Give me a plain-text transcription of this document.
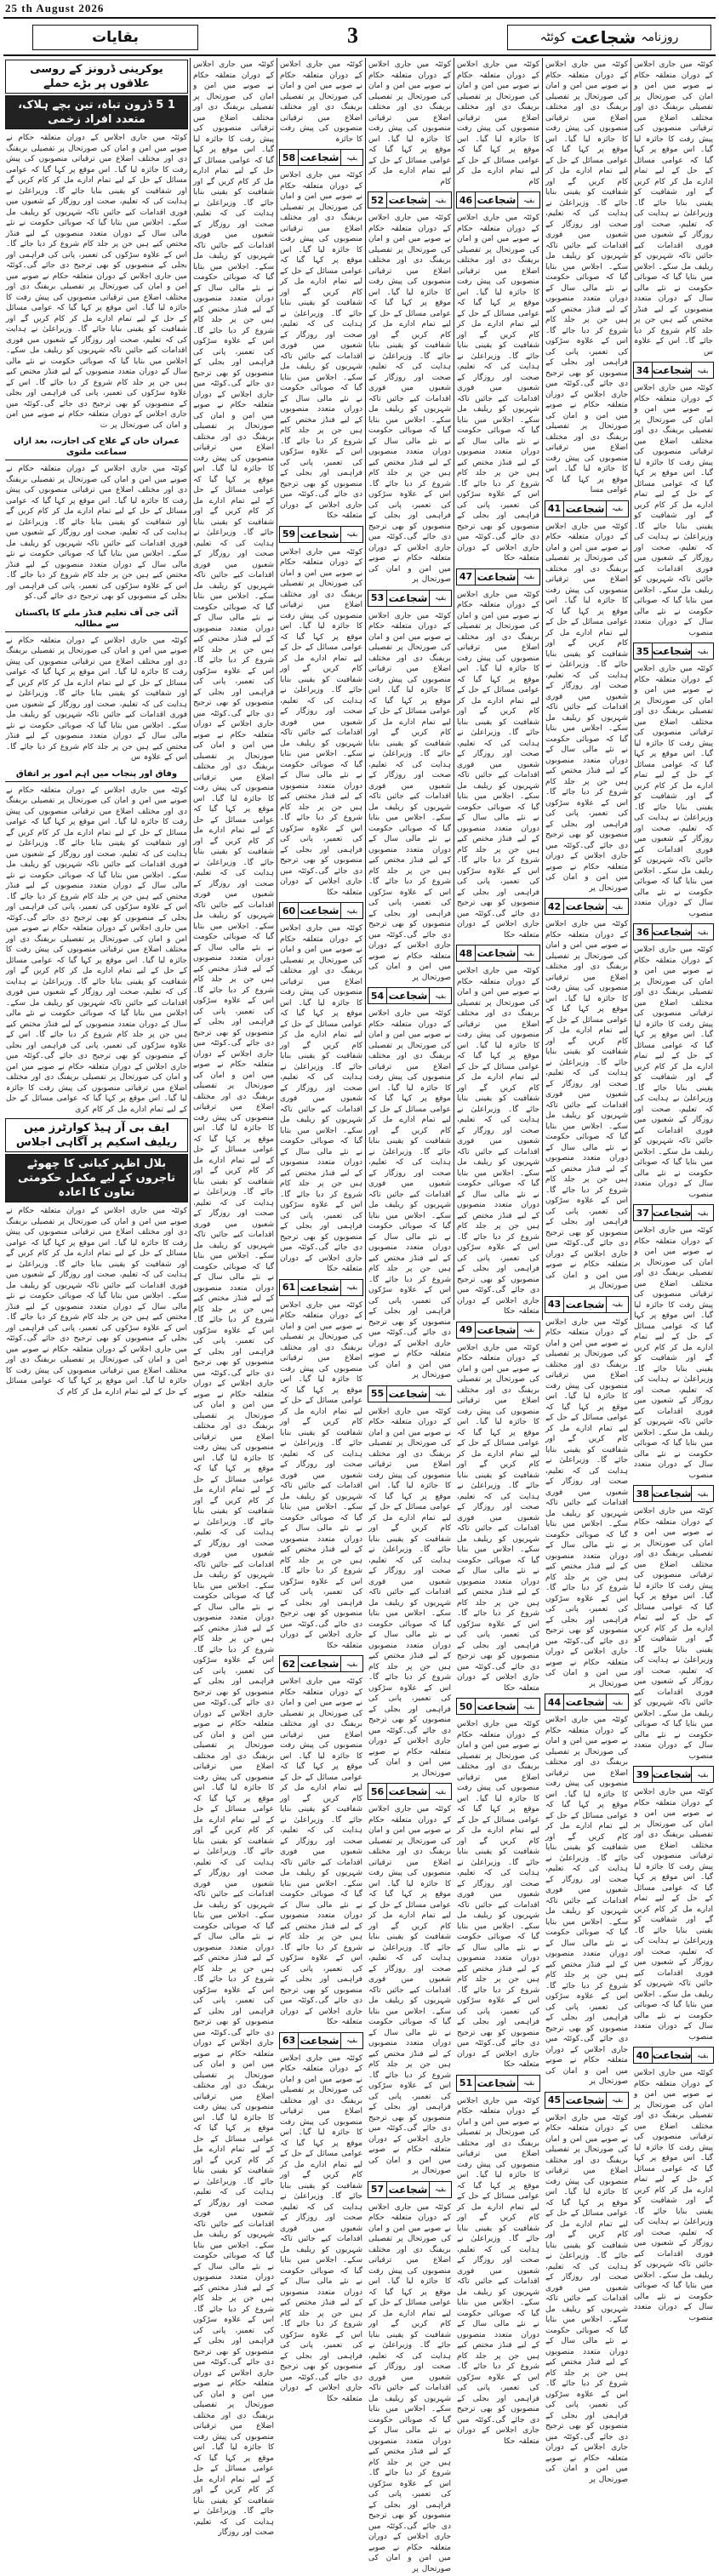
25 th August 2026
بقایات	3	روزنامہ
شجاعت
کوئٹہ
کوئٹہ میں جاری اجلاس کے دوران متعلقہ حکام نے صوبے میں امن و امان کی صورتحال پر تفصیلی بریفنگ دی اور مختلف اضلاع میں ترقیاتی منصوبوں کی پیش رفت کا جائزہ لیا گیا۔ اس موقع پر کہا گیا کہ عوامی مسائل کے حل کے لیے تمام ادارے مل کر کام کریں گے اور شفافیت کو یقینی بنایا جائے گا۔ وزیراعلیٰ نے ہدایت کی کہ تعلیم، صحت اور روزگار کے شعبوں میں فوری اقدامات کیے جائیں تاکہ شہریوں کو ریلیف مل سکے۔ اجلاس میں بتایا گیا کہ صوبائی حکومت نے نئے مالی سال کے دوران متعدد منصوبوں کے لیے فنڈز مختص کیے ہیں جن پر جلد کام شروع کر دیا جائے گا۔ اس کے علاوہ س
34 شجاعت بقیہ
کوئٹہ میں جاری اجلاس کے دوران متعلقہ حکام نے صوبے میں امن و امان کی صورتحال پر تفصیلی بریفنگ دی اور مختلف اضلاع میں ترقیاتی منصوبوں کی پیش رفت کا جائزہ لیا گیا۔ اس موقع پر کہا گیا کہ عوامی مسائل کے حل کے لیے تمام ادارے مل کر کام کریں گے اور شفافیت کو یقینی بنایا جائے گا۔ وزیراعلیٰ نے ہدایت کی کہ تعلیم، صحت اور روزگار کے شعبوں میں فوری اقدامات کیے جائیں تاکہ شہریوں کو ریلیف مل سکے۔ اجلاس میں بتایا گیا کہ صوبائی حکومت نے نئے مالی سال کے دوران متعدد منصوب
35 شجاعت بقیہ
کوئٹہ میں جاری اجلاس کے دوران متعلقہ حکام نے صوبے میں امن و امان کی صورتحال پر تفصیلی بریفنگ دی اور مختلف اضلاع میں ترقیاتی منصوبوں کی پیش رفت کا جائزہ لیا گیا۔ اس موقع پر کہا گیا کہ عوامی مسائل کے حل کے لیے تمام ادارے مل کر کام کریں گے اور شفافیت کو یقینی بنایا جائے گا۔ وزیراعلیٰ نے ہدایت کی کہ تعلیم، صحت اور روزگار کے شعبوں میں فوری اقدامات کیے جائیں تاکہ شہریوں کو ریلیف مل سکے۔ اجلاس میں بتایا گیا کہ صوبائی حکومت نے نئے مالی سال کے دوران متعدد منصوب
36 شجاعت بقیہ
کوئٹہ میں جاری اجلاس کے دوران متعلقہ حکام نے صوبے میں امن و امان کی صورتحال پر تفصیلی بریفنگ دی اور مختلف اضلاع میں ترقیاتی منصوبوں کی پیش رفت کا جائزہ لیا گیا۔ اس موقع پر کہا گیا کہ عوامی مسائل کے حل کے لیے تمام ادارے مل کر کام کریں گے اور شفافیت کو یقینی بنایا جائے گا۔ وزیراعلیٰ نے ہدایت کی کہ تعلیم، صحت اور روزگار کے شعبوں میں فوری اقدامات کیے جائیں تاکہ شہریوں کو ریلیف مل سکے۔ اجلاس میں بتایا گیا کہ صوبائی حکومت نے نئے مالی سال کے دوران متعدد منصوب
37 شجاعت بقیہ
کوئٹہ میں جاری اجلاس کے دوران متعلقہ حکام نے صوبے میں امن و امان کی صورتحال پر تفصیلی بریفنگ دی اور مختلف اضلاع میں ترقیاتی منصوبوں کی پیش رفت کا جائزہ لیا گیا۔ اس موقع پر کہا گیا کہ عوامی مسائل کے حل کے لیے تمام ادارے مل کر کام کریں گے اور شفافیت کو یقینی بنایا جائے گا۔ وزیراعلیٰ نے ہدایت کی کہ تعلیم، صحت اور روزگار کے شعبوں میں فوری اقدامات کیے جائیں تاکہ شہریوں کو ریلیف مل سکے۔ اجلاس میں بتایا گیا کہ صوبائی حکومت نے نئے مالی سال کے دوران متعدد منصوب
38 شجاعت بقیہ
کوئٹہ میں جاری اجلاس کے دوران متعلقہ حکام نے صوبے میں امن و امان کی صورتحال پر تفصیلی بریفنگ دی اور مختلف اضلاع میں ترقیاتی منصوبوں کی پیش رفت کا جائزہ لیا گیا۔ اس موقع پر کہا گیا کہ عوامی مسائل کے حل کے لیے تمام ادارے مل کر کام کریں گے اور شفافیت کو یقینی بنایا جائے گا۔ وزیراعلیٰ نے ہدایت کی کہ تعلیم، صحت اور روزگار کے شعبوں میں فوری اقدامات کیے جائیں تاکہ شہریوں کو ریلیف مل سکے۔ اجلاس میں بتایا گیا کہ صوبائی حکومت نے نئے مالی سال کے دوران متعدد منصوب
39 شجاعت بقیہ
کوئٹہ میں جاری اجلاس کے دوران متعلقہ حکام نے صوبے میں امن و امان کی صورتحال پر تفصیلی بریفنگ دی اور مختلف اضلاع میں ترقیاتی منصوبوں کی پیش رفت کا جائزہ لیا گیا۔ اس موقع پر کہا گیا کہ عوامی مسائل کے حل کے لیے تمام ادارے مل کر کام کریں گے اور شفافیت کو یقینی بنایا جائے گا۔ وزیراعلیٰ نے ہدایت کی کہ تعلیم، صحت اور روزگار کے شعبوں میں فوری اقدامات کیے جائیں تاکہ شہریوں کو ریلیف مل سکے۔ اجلاس میں بتایا گیا کہ صوبائی حکومت نے نئے مالی سال کے دوران متعدد منصوب
40 شجاعت بقیہ
کوئٹہ میں جاری اجلاس کے دوران متعلقہ حکام نے صوبے میں امن و امان کی صورتحال پر تفصیلی بریفنگ دی اور مختلف اضلاع میں ترقیاتی منصوبوں کی پیش رفت کا جائزہ لیا گیا۔ اس موقع پر کہا گیا کہ عوامی مسائل کے حل کے لیے تمام ادارے مل کر کام کریں گے اور شفافیت کو یقینی بنایا جائے گا۔ وزیراعلیٰ نے ہدایت کی کہ تعلیم، صحت اور روزگار کے شعبوں میں فوری اقدامات کیے جائیں تاکہ شہریوں کو ریلیف مل سکے۔ اجلاس میں بتایا گیا کہ صوبائی حکومت نے نئے مالی سال کے دوران متعدد منصوب
کوئٹہ میں جاری اجلاس کے دوران متعلقہ حکام نے صوبے میں امن و امان کی صورتحال پر تفصیلی بریفنگ دی اور مختلف اضلاع میں ترقیاتی منصوبوں کی پیش رفت کا جائزہ لیا گیا۔ اس موقع پر کہا گیا کہ عوامی مسائل کے حل کے لیے تمام ادارے مل کر کام کریں گے اور شفافیت کو یقینی بنایا جائے گا۔ وزیراعلیٰ نے ہدایت کی کہ تعلیم، صحت اور روزگار کے شعبوں میں فوری اقدامات کیے جائیں تاکہ شہریوں کو ریلیف مل سکے۔ اجلاس میں بتایا گیا کہ صوبائی حکومت نے نئے مالی سال کے دوران متعدد منصوبوں کے لیے فنڈز مختص کیے ہیں جن پر جلد کام شروع کر دیا جائے گا۔ اس کے علاوہ سڑکوں کی تعمیر، پانی کی فراہمی اور بجلی کے منصوبوں کو بھی ترجیح دی جائے گی۔کوئٹہ میں جاری اجلاس کے دوران متعلقہ حکام نے صوبے میں امن و امان کی صورتحال پر تفصیلی بریفنگ دی اور مختلف اضلاع میں ترقیاتی منصوبوں کی پیش رفت کا جائزہ لیا گیا۔ اس موقع پر کہا گیا کہ عوامی مسا
41 شجاعت	بقیہ
کوئٹہ میں جاری اجلاس کے دوران متعلقہ حکام نے صوبے میں امن و امان کی صورتحال پر تفصیلی بریفنگ دی اور مختلف اضلاع میں ترقیاتی منصوبوں کی پیش رفت کا جائزہ لیا گیا۔ اس موقع پر کہا گیا کہ عوامی مسائل کے حل کے لیے تمام ادارے مل کر کام کریں گے اور شفافیت کو یقینی بنایا جائے گا۔ وزیراعلیٰ نے ہدایت کی کہ تعلیم، صحت اور روزگار کے شعبوں میں فوری اقدامات کیے جائیں تاکہ شہریوں کو ریلیف مل سکے۔ اجلاس میں بتایا گیا کہ صوبائی حکومت نے نئے مالی سال کے دوران متعدد منصوبوں کے لیے فنڈز مختص کیے ہیں جن پر جلد کام شروع کر دیا جائے گا۔ اس کے علاوہ سڑکوں کی تعمیر، پانی کی فراہمی اور بجلی کے منصوبوں کو بھی ترجیح دی جائے گی۔کوئٹہ میں جاری اجلاس کے دوران متعلقہ حکام نے صوبے میں امن و امان کی صورتحال پر
42 شجاعت	بقیہ
کوئٹہ میں جاری اجلاس کے دوران متعلقہ حکام نے صوبے میں امن و امان کی صورتحال پر تفصیلی بریفنگ دی اور مختلف اضلاع میں ترقیاتی منصوبوں کی پیش رفت کا جائزہ لیا گیا۔ اس موقع پر کہا گیا کہ عوامی مسائل کے حل کے لیے تمام ادارے مل کر کام کریں گے اور شفافیت کو یقینی بنایا جائے گا۔ وزیراعلیٰ نے ہدایت کی کہ تعلیم، صحت اور روزگار کے شعبوں میں فوری اقدامات کیے جائیں تاکہ شہریوں کو ریلیف مل سکے۔ اجلاس میں بتایا گیا کہ صوبائی حکومت نے نئے مالی سال کے دوران متعدد منصوبوں کے لیے فنڈز مختص کیے ہیں جن پر جلد کام شروع کر دیا جائے گا۔ اس کے علاوہ سڑکوں کی تعمیر، پانی کی فراہمی اور بجلی کے منصوبوں کو بھی ترجیح دی جائے گی۔کوئٹہ میں جاری اجلاس کے دوران متعلقہ حکام نے صوبے میں امن و امان کی صورتحال پر
43 شجاعت	بقیہ
کوئٹہ میں جاری اجلاس کے دوران متعلقہ حکام نے صوبے میں امن و امان کی صورتحال پر تفصیلی بریفنگ دی اور مختلف اضلاع میں ترقیاتی منصوبوں کی پیش رفت کا جائزہ لیا گیا۔ اس موقع پر کہا گیا کہ عوامی مسائل کے حل کے لیے تمام ادارے مل کر کام کریں گے اور شفافیت کو یقینی بنایا جائے گا۔ وزیراعلیٰ نے ہدایت کی کہ تعلیم، صحت اور روزگار کے شعبوں میں فوری اقدامات کیے جائیں تاکہ شہریوں کو ریلیف مل سکے۔ اجلاس میں بتایا گیا کہ صوبائی حکومت نے نئے مالی سال کے دوران متعدد منصوبوں کے لیے فنڈز مختص کیے ہیں جن پر جلد کام شروع کر دیا جائے گا۔ اس کے علاوہ سڑکوں کی تعمیر، پانی کی فراہمی اور بجلی کے منصوبوں کو بھی ترجیح دی جائے گی۔کوئٹہ میں جاری اجلاس کے دوران متعلقہ حکام نے صوبے میں امن و امان کی صورتحال پر
44 شجاعت	بقیہ
کوئٹہ میں جاری اجلاس کے دوران متعلقہ حکام نے صوبے میں امن و امان کی صورتحال پر تفصیلی بریفنگ دی اور مختلف اضلاع میں ترقیاتی منصوبوں کی پیش رفت کا جائزہ لیا گیا۔ اس موقع پر کہا گیا کہ عوامی مسائل کے حل کے لیے تمام ادارے مل کر کام کریں گے اور شفافیت کو یقینی بنایا جائے گا۔ وزیراعلیٰ نے ہدایت کی کہ تعلیم، صحت اور روزگار کے شعبوں میں فوری اقدامات کیے جائیں تاکہ شہریوں کو ریلیف مل سکے۔ اجلاس میں بتایا گیا کہ صوبائی حکومت نے نئے مالی سال کے دوران متعدد منصوبوں کے لیے فنڈز مختص کیے ہیں جن پر جلد کام شروع کر دیا جائے گا۔ اس کے علاوہ سڑکوں کی تعمیر، پانی کی فراہمی اور بجلی کے منصوبوں کو بھی ترجیح دی جائے گی۔کوئٹہ میں جاری اجلاس کے دوران متعلقہ حکام نے صوبے میں امن و امان کی صورتحال پر
45 شجاعت	بقیہ
کوئٹہ میں جاری اجلاس کے دوران متعلقہ حکام نے صوبے میں امن و امان کی صورتحال پر تفصیلی بریفنگ دی اور مختلف اضلاع میں ترقیاتی منصوبوں کی پیش رفت کا جائزہ لیا گیا۔ اس موقع پر کہا گیا کہ عوامی مسائل کے حل کے لیے تمام ادارے مل کر کام کریں گے اور شفافیت کو یقینی بنایا جائے گا۔ وزیراعلیٰ نے ہدایت کی کہ تعلیم، صحت اور روزگار کے شعبوں میں فوری اقدامات کیے جائیں تاکہ شہریوں کو ریلیف مل سکے۔ اجلاس میں بتایا گیا کہ صوبائی حکومت نے نئے مالی سال کے دوران متعدد منصوبوں کے لیے فنڈز مختص کیے ہیں جن پر جلد کام شروع کر دیا جائے گا۔ اس کے علاوہ سڑکوں کی تعمیر، پانی کی فراہمی اور بجلی کے منصوبوں کو بھی ترجیح دی جائے گی۔کوئٹہ میں جاری اجلاس کے دوران متعلقہ حکام نے صوبے میں امن و امان کی صورتحال پر
کوئٹہ میں جاری اجلاس کے دوران متعلقہ حکام نے صوبے میں امن و امان کی صورتحال پر تفصیلی بریفنگ دی اور مختلف اضلاع میں ترقیاتی منصوبوں کی پیش رفت کا جائزہ لیا گیا۔ اس موقع پر کہا گیا کہ عوامی مسائل کے حل کے لیے تمام ادارے مل کر کام
46 شجاعت	بقیہ
کوئٹہ میں جاری اجلاس کے دوران متعلقہ حکام نے صوبے میں امن و امان کی صورتحال پر تفصیلی بریفنگ دی اور مختلف اضلاع میں ترقیاتی منصوبوں کی پیش رفت کا جائزہ لیا گیا۔ اس موقع پر کہا گیا کہ عوامی مسائل کے حل کے لیے تمام ادارے مل کر کام کریں گے اور شفافیت کو یقینی بنایا جائے گا۔ وزیراعلیٰ نے ہدایت کی کہ تعلیم، صحت اور روزگار کے شعبوں میں فوری اقدامات کیے جائیں تاکہ شہریوں کو ریلیف مل سکے۔ اجلاس میں بتایا گیا کہ صوبائی حکومت نے نئے مالی سال کے دوران متعدد منصوبوں کے لیے فنڈز مختص کیے ہیں جن پر جلد کام شروع کر دیا جائے گا۔ اس کے علاوہ سڑکوں کی تعمیر، پانی کی فراہمی اور بجلی کے منصوبوں کو بھی ترجیح دی جائے گی۔کوئٹہ میں جاری اجلاس کے دوران متعلقہ حکا
47 شجاعت	بقیہ
کوئٹہ میں جاری اجلاس کے دوران متعلقہ حکام نے صوبے میں امن و امان کی صورتحال پر تفصیلی بریفنگ دی اور مختلف اضلاع میں ترقیاتی منصوبوں کی پیش رفت کا جائزہ لیا گیا۔ اس موقع پر کہا گیا کہ عوامی مسائل کے حل کے لیے تمام ادارے مل کر کام کریں گے اور شفافیت کو یقینی بنایا جائے گا۔ وزیراعلیٰ نے ہدایت کی کہ تعلیم، صحت اور روزگار کے شعبوں میں فوری اقدامات کیے جائیں تاکہ شہریوں کو ریلیف مل سکے۔ اجلاس میں بتایا گیا کہ صوبائی حکومت نے نئے مالی سال کے دوران متعدد منصوبوں کے لیے فنڈز مختص کیے ہیں جن پر جلد کام شروع کر دیا جائے گا۔ اس کے علاوہ سڑکوں کی تعمیر، پانی کی فراہمی اور بجلی کے منصوبوں کو بھی ترجیح دی جائے گی۔کوئٹہ میں جاری اجلاس کے دوران متعلقہ حکا
48 شجاعت	بقیہ
کوئٹہ میں جاری اجلاس کے دوران متعلقہ حکام نے صوبے میں امن و امان کی صورتحال پر تفصیلی بریفنگ دی اور مختلف اضلاع میں ترقیاتی منصوبوں کی پیش رفت کا جائزہ لیا گیا۔ اس موقع پر کہا گیا کہ عوامی مسائل کے حل کے لیے تمام ادارے مل کر کام کریں گے اور شفافیت کو یقینی بنایا جائے گا۔ وزیراعلیٰ نے ہدایت کی کہ تعلیم، صحت اور روزگار کے شعبوں میں فوری اقدامات کیے جائیں تاکہ شہریوں کو ریلیف مل سکے۔ اجلاس میں بتایا گیا کہ صوبائی حکومت نے نئے مالی سال کے دوران متعدد منصوبوں کے لیے فنڈز مختص کیے ہیں جن پر جلد کام شروع کر دیا جائے گا۔ اس کے علاوہ سڑکوں کی تعمیر، پانی کی فراہمی اور بجلی کے منصوبوں کو بھی ترجیح دی جائے گی۔کوئٹہ میں جاری اجلاس کے دوران متعلقہ حکا
49 شجاعت	بقیہ
کوئٹہ میں جاری اجلاس کے دوران متعلقہ حکام نے صوبے میں امن و امان کی صورتحال پر تفصیلی بریفنگ دی اور مختلف اضلاع میں ترقیاتی منصوبوں کی پیش رفت کا جائزہ لیا گیا۔ اس موقع پر کہا گیا کہ عوامی مسائل کے حل کے لیے تمام ادارے مل کر کام کریں گے اور شفافیت کو یقینی بنایا جائے گا۔ وزیراعلیٰ نے ہدایت کی کہ تعلیم، صحت اور روزگار کے شعبوں میں فوری اقدامات کیے جائیں تاکہ شہریوں کو ریلیف مل سکے۔ اجلاس میں بتایا گیا کہ صوبائی حکومت نے نئے مالی سال کے دوران متعدد منصوبوں کے لیے فنڈز مختص کیے ہیں جن پر جلد کام شروع کر دیا جائے گا۔ اس کے علاوہ سڑکوں کی تعمیر، پانی کی فراہمی اور بجلی کے منصوبوں کو بھی ترجیح دی جائے گی۔کوئٹہ میں جاری اجلاس کے دوران متعلقہ حکا
50 شجاعت	بقیہ
کوئٹہ میں جاری اجلاس کے دوران متعلقہ حکام نے صوبے میں امن و امان کی صورتحال پر تفصیلی بریفنگ دی اور مختلف اضلاع میں ترقیاتی منصوبوں کی پیش رفت کا جائزہ لیا گیا۔ اس موقع پر کہا گیا کہ عوامی مسائل کے حل کے لیے تمام ادارے مل کر کام کریں گے اور شفافیت کو یقینی بنایا جائے گا۔ وزیراعلیٰ نے ہدایت کی کہ تعلیم، صحت اور روزگار کے شعبوں میں فوری اقدامات کیے جائیں تاکہ شہریوں کو ریلیف مل سکے۔ اجلاس میں بتایا گیا کہ صوبائی حکومت نے نئے مالی سال کے دوران متعدد منصوبوں کے لیے فنڈز مختص کیے ہیں جن پر جلد کام شروع کر دیا جائے گا۔ اس کے علاوہ سڑکوں کی تعمیر، پانی کی فراہمی اور بجلی کے منصوبوں کو بھی ترجیح دی جائے گی۔کوئٹہ میں جاری اجلاس کے دوران متعلقہ حکا
51 شجاعت	بقیہ
کوئٹہ میں جاری اجلاس کے دوران متعلقہ حکام نے صوبے میں امن و امان کی صورتحال پر تفصیلی بریفنگ دی اور مختلف اضلاع میں ترقیاتی منصوبوں کی پیش رفت کا جائزہ لیا گیا۔ اس موقع پر کہا گیا کہ عوامی مسائل کے حل کے لیے تمام ادارے مل کر کام کریں گے اور شفافیت کو یقینی بنایا جائے گا۔ وزیراعلیٰ نے ہدایت کی کہ تعلیم، صحت اور روزگار کے شعبوں میں فوری اقدامات کیے جائیں تاکہ شہریوں کو ریلیف مل سکے۔ اجلاس میں بتایا گیا کہ صوبائی حکومت نے نئے مالی سال کے دوران متعدد منصوبوں کے لیے فنڈز مختص کیے ہیں جن پر جلد کام شروع کر دیا جائے گا۔ اس کے علاوہ سڑکوں کی تعمیر، پانی کی فراہمی اور بجلی کے منصوبوں کو بھی ترجیح دی جائے گی۔کوئٹہ میں جاری اجلاس کے دوران متعلقہ حکا
کوئٹہ میں جاری اجلاس کے دوران متعلقہ حکام نے صوبے میں امن و امان کی صورتحال پر تفصیلی بریفنگ دی اور مختلف اضلاع میں ترقیاتی منصوبوں کی پیش رفت کا جائزہ لیا گیا۔ اس موقع پر کہا گیا کہ عوامی مسائل کے حل کے لیے تمام ادارے مل کر کام
52 شجاعت	بقیہ
کوئٹہ میں جاری اجلاس کے دوران متعلقہ حکام نے صوبے میں امن و امان کی صورتحال پر تفصیلی بریفنگ دی اور مختلف اضلاع میں ترقیاتی منصوبوں کی پیش رفت کا جائزہ لیا گیا۔ اس موقع پر کہا گیا کہ عوامی مسائل کے حل کے لیے تمام ادارے مل کر کام کریں گے اور شفافیت کو یقینی بنایا جائے گا۔ وزیراعلیٰ نے ہدایت کی کہ تعلیم، صحت اور روزگار کے شعبوں میں فوری اقدامات کیے جائیں تاکہ شہریوں کو ریلیف مل سکے۔ اجلاس میں بتایا گیا کہ صوبائی حکومت نے نئے مالی سال کے دوران متعدد منصوبوں کے لیے فنڈز مختص کیے ہیں جن پر جلد کام شروع کر دیا جائے گا۔ اس کے علاوہ سڑکوں کی تعمیر، پانی کی فراہمی اور بجلی کے منصوبوں کو بھی ترجیح دی جائے گی۔کوئٹہ میں جاری اجلاس کے دوران متعلقہ حکام نے صوبے میں امن و امان کی صورتحال پر
53 شجاعت	بقیہ
کوئٹہ میں جاری اجلاس کے دوران متعلقہ حکام نے صوبے میں امن و امان کی صورتحال پر تفصیلی بریفنگ دی اور مختلف اضلاع میں ترقیاتی منصوبوں کی پیش رفت کا جائزہ لیا گیا۔ اس موقع پر کہا گیا کہ عوامی مسائل کے حل کے لیے تمام ادارے مل کر کام کریں گے اور شفافیت کو یقینی بنایا جائے گا۔ وزیراعلیٰ نے ہدایت کی کہ تعلیم، صحت اور روزگار کے شعبوں میں فوری اقدامات کیے جائیں تاکہ شہریوں کو ریلیف مل سکے۔ اجلاس میں بتایا گیا کہ صوبائی حکومت نے نئے مالی سال کے دوران متعدد منصوبوں کے لیے فنڈز مختص کیے ہیں جن پر جلد کام شروع کر دیا جائے گا۔ اس کے علاوہ سڑکوں کی تعمیر، پانی کی فراہمی اور بجلی کے منصوبوں کو بھی ترجیح دی جائے گی۔کوئٹہ میں جاری اجلاس کے دوران متعلقہ حکام نے صوبے میں امن و امان کی صورتحال پر
54 شجاعت	بقیہ
کوئٹہ میں جاری اجلاس کے دوران متعلقہ حکام نے صوبے میں امن و امان کی صورتحال پر تفصیلی بریفنگ دی اور مختلف اضلاع میں ترقیاتی منصوبوں کی پیش رفت کا جائزہ لیا گیا۔ اس موقع پر کہا گیا کہ عوامی مسائل کے حل کے لیے تمام ادارے مل کر کام کریں گے اور شفافیت کو یقینی بنایا جائے گا۔ وزیراعلیٰ نے ہدایت کی کہ تعلیم، صحت اور روزگار کے شعبوں میں فوری اقدامات کیے جائیں تاکہ شہریوں کو ریلیف مل سکے۔ اجلاس میں بتایا گیا کہ صوبائی حکومت نے نئے مالی سال کے دوران متعدد منصوبوں کے لیے فنڈز مختص کیے ہیں جن پر جلد کام شروع کر دیا جائے گا۔ اس کے علاوہ سڑکوں کی تعمیر، پانی کی فراہمی اور بجلی کے منصوبوں کو بھی ترجیح دی جائے گی۔کوئٹہ میں جاری اجلاس کے دوران متعلقہ حکام نے صوبے میں امن و امان کی صورتحال پر
55 شجاعت	بقیہ
کوئٹہ میں جاری اجلاس کے دوران متعلقہ حکام نے صوبے میں امن و امان کی صورتحال پر تفصیلی بریفنگ دی اور مختلف اضلاع میں ترقیاتی منصوبوں کی پیش رفت کا جائزہ لیا گیا۔ اس موقع پر کہا گیا کہ عوامی مسائل کے حل کے لیے تمام ادارے مل کر کام کریں گے اور شفافیت کو یقینی بنایا جائے گا۔ وزیراعلیٰ نے ہدایت کی کہ تعلیم، صحت اور روزگار کے شعبوں میں فوری اقدامات کیے جائیں تاکہ شہریوں کو ریلیف مل سکے۔ اجلاس میں بتایا گیا کہ صوبائی حکومت نے نئے مالی سال کے دوران متعدد منصوبوں کے لیے فنڈز مختص کیے ہیں جن پر جلد کام شروع کر دیا جائے گا۔ اس کے علاوہ سڑکوں کی تعمیر، پانی کی فراہمی اور بجلی کے منصوبوں کو بھی ترجیح دی جائے گی۔کوئٹہ میں جاری اجلاس کے دوران متعلقہ حکام نے صوبے میں امن و امان کی صورتحال پر
56 شجاعت	بقیہ
کوئٹہ میں جاری اجلاس کے دوران متعلقہ حکام نے صوبے میں امن و امان کی صورتحال پر تفصیلی بریفنگ دی اور مختلف اضلاع میں ترقیاتی منصوبوں کی پیش رفت کا جائزہ لیا گیا۔ اس موقع پر کہا گیا کہ عوامی مسائل کے حل کے لیے تمام ادارے مل کر کام کریں گے اور شفافیت کو یقینی بنایا جائے گا۔ وزیراعلیٰ نے ہدایت کی کہ تعلیم، صحت اور روزگار کے شعبوں میں فوری اقدامات کیے جائیں تاکہ شہریوں کو ریلیف مل سکے۔ اجلاس میں بتایا گیا کہ صوبائی حکومت نے نئے مالی سال کے دوران متعدد منصوبوں کے لیے فنڈز مختص کیے ہیں جن پر جلد کام شروع کر دیا جائے گا۔ اس کے علاوہ سڑکوں کی تعمیر، پانی کی فراہمی اور بجلی کے منصوبوں کو بھی ترجیح دی جائے گی۔کوئٹہ میں جاری اجلاس کے دوران متعلقہ حکام نے صوبے میں امن و امان کی صورتحال پر
57 شجاعت	بقیہ
کوئٹہ میں جاری اجلاس کے دوران متعلقہ حکام نے صوبے میں امن و امان کی صورتحال پر تفصیلی بریفنگ دی اور مختلف اضلاع میں ترقیاتی منصوبوں کی پیش رفت کا جائزہ لیا گیا۔ اس موقع پر کہا گیا کہ عوامی مسائل کے حل کے لیے تمام ادارے مل کر کام کریں گے اور شفافیت کو یقینی بنایا جائے گا۔ وزیراعلیٰ نے ہدایت کی کہ تعلیم، صحت اور روزگار کے شعبوں میں فوری اقدامات کیے جائیں تاکہ شہریوں کو ریلیف مل سکے۔ اجلاس میں بتایا گیا کہ صوبائی حکومت نے نئے مالی سال کے دوران متعدد منصوبوں کے لیے فنڈز مختص کیے ہیں جن پر جلد کام شروع کر دیا جائے گا۔ اس کے علاوہ سڑکوں کی تعمیر، پانی کی فراہمی اور بجلی کے منصوبوں کو بھی ترجیح دی جائے گی۔کوئٹہ میں جاری اجلاس کے دوران متعلقہ حکام نے صوبے میں امن و امان کی صورتحال پر
کوئٹہ میں جاری اجلاس کے دوران متعلقہ حکام نے صوبے میں امن و امان کی صورتحال پر تفصیلی بریفنگ دی اور مختلف اضلاع میں ترقیاتی منصوبوں کی پیش رفت کا جائزہ
58 شجاعت	بقیہ
کوئٹہ میں جاری اجلاس کے دوران متعلقہ حکام نے صوبے میں امن و امان کی صورتحال پر تفصیلی بریفنگ دی اور مختلف اضلاع میں ترقیاتی منصوبوں کی پیش رفت کا جائزہ لیا گیا۔ اس موقع پر کہا گیا کہ عوامی مسائل کے حل کے لیے تمام ادارے مل کر کام کریں گے اور شفافیت کو یقینی بنایا جائے گا۔ وزیراعلیٰ نے ہدایت کی کہ تعلیم، صحت اور روزگار کے شعبوں میں فوری اقدامات کیے جائیں تاکہ شہریوں کو ریلیف مل سکے۔ اجلاس میں بتایا گیا کہ صوبائی حکومت نے نئے مالی سال کے دوران متعدد منصوبوں کے لیے فنڈز مختص کیے ہیں جن پر جلد کام شروع کر دیا جائے گا۔ اس کے علاوہ سڑکوں کی تعمیر، پانی کی فراہمی اور بجلی کے منصوبوں کو بھی ترجیح دی جائے گی۔کوئٹہ میں جاری اجلاس کے دوران متعلقہ حکا
59 شجاعت	بقیہ
کوئٹہ میں جاری اجلاس کے دوران متعلقہ حکام نے صوبے میں امن و امان کی صورتحال پر تفصیلی بریفنگ دی اور مختلف اضلاع میں ترقیاتی منصوبوں کی پیش رفت کا جائزہ لیا گیا۔ اس موقع پر کہا گیا کہ عوامی مسائل کے حل کے لیے تمام ادارے مل کر کام کریں گے اور شفافیت کو یقینی بنایا جائے گا۔ وزیراعلیٰ نے ہدایت کی کہ تعلیم، صحت اور روزگار کے شعبوں میں فوری اقدامات کیے جائیں تاکہ شہریوں کو ریلیف مل سکے۔ اجلاس میں بتایا گیا کہ صوبائی حکومت نے نئے مالی سال کے دوران متعدد منصوبوں کے لیے فنڈز مختص کیے ہیں جن پر جلد کام شروع کر دیا جائے گا۔ اس کے علاوہ سڑکوں کی تعمیر، پانی کی فراہمی اور بجلی کے منصوبوں کو بھی ترجیح دی جائے گی۔کوئٹہ میں جاری اجلاس کے دوران متعلقہ حکا
60 شجاعت	بقیہ
کوئٹہ میں جاری اجلاس کے دوران متعلقہ حکام نے صوبے میں امن و امان کی صورتحال پر تفصیلی بریفنگ دی اور مختلف اضلاع میں ترقیاتی منصوبوں کی پیش رفت کا جائزہ لیا گیا۔ اس موقع پر کہا گیا کہ عوامی مسائل کے حل کے لیے تمام ادارے مل کر کام کریں گے اور شفافیت کو یقینی بنایا جائے گا۔ وزیراعلیٰ نے ہدایت کی کہ تعلیم، صحت اور روزگار کے شعبوں میں فوری اقدامات کیے جائیں تاکہ شہریوں کو ریلیف مل سکے۔ اجلاس میں بتایا گیا کہ صوبائی حکومت نے نئے مالی سال کے دوران متعدد منصوبوں کے لیے فنڈز مختص کیے ہیں جن پر جلد کام شروع کر دیا جائے گا۔ اس کے علاوہ سڑکوں کی تعمیر، پانی کی فراہمی اور بجلی کے منصوبوں کو بھی ترجیح دی جائے گی۔کوئٹہ میں جاری اجلاس کے دوران متعلقہ حکا
61 شجاعت	بقیہ
کوئٹہ میں جاری اجلاس کے دوران متعلقہ حکام نے صوبے میں امن و امان کی صورتحال پر تفصیلی بریفنگ دی اور مختلف اضلاع میں ترقیاتی منصوبوں کی پیش رفت کا جائزہ لیا گیا۔ اس موقع پر کہا گیا کہ عوامی مسائل کے حل کے لیے تمام ادارے مل کر کام کریں گے اور شفافیت کو یقینی بنایا جائے گا۔ وزیراعلیٰ نے ہدایت کی کہ تعلیم، صحت اور روزگار کے شعبوں میں فوری اقدامات کیے جائیں تاکہ شہریوں کو ریلیف مل سکے۔ اجلاس میں بتایا گیا کہ صوبائی حکومت نے نئے مالی سال کے دوران متعدد منصوبوں کے لیے فنڈز مختص کیے ہیں جن پر جلد کام شروع کر دیا جائے گا۔ اس کے علاوہ سڑکوں کی تعمیر، پانی کی فراہمی اور بجلی کے منصوبوں کو بھی ترجیح دی جائے گی۔کوئٹہ میں جاری اجلاس کے دوران متعلقہ حکا
62 شجاعت	بقیہ
کوئٹہ میں جاری اجلاس کے دوران متعلقہ حکام نے صوبے میں امن و امان کی صورتحال پر تفصیلی بریفنگ دی اور مختلف اضلاع میں ترقیاتی منصوبوں کی پیش رفت کا جائزہ لیا گیا۔ اس موقع پر کہا گیا کہ عوامی مسائل کے حل کے لیے تمام ادارے مل کر کام کریں گے اور شفافیت کو یقینی بنایا جائے گا۔ وزیراعلیٰ نے ہدایت کی کہ تعلیم، صحت اور روزگار کے شعبوں میں فوری اقدامات کیے جائیں تاکہ شہریوں کو ریلیف مل سکے۔ اجلاس میں بتایا گیا کہ صوبائی حکومت نے نئے مالی سال کے دوران متعدد منصوبوں کے لیے فنڈز مختص کیے ہیں جن پر جلد کام شروع کر دیا جائے گا۔ اس کے علاوہ سڑکوں کی تعمیر، پانی کی فراہمی اور بجلی کے منصوبوں کو بھی ترجیح دی جائے گی۔کوئٹہ میں جاری اجلاس کے دوران متعلقہ حکا
63 شجاعت	بقیہ
کوئٹہ میں جاری اجلاس کے دوران متعلقہ حکام نے صوبے میں امن و امان کی صورتحال پر تفصیلی بریفنگ دی اور مختلف اضلاع میں ترقیاتی منصوبوں کی پیش رفت کا جائزہ لیا گیا۔ اس موقع پر کہا گیا کہ عوامی مسائل کے حل کے لیے تمام ادارے مل کر کام کریں گے اور شفافیت کو یقینی بنایا جائے گا۔ وزیراعلیٰ نے ہدایت کی کہ تعلیم، صحت اور روزگار کے شعبوں میں فوری اقدامات کیے جائیں تاکہ شہریوں کو ریلیف مل سکے۔ اجلاس میں بتایا گیا کہ صوبائی حکومت نے نئے مالی سال کے دوران متعدد منصوبوں کے لیے فنڈز مختص کیے ہیں جن پر جلد کام شروع کر دیا جائے گا۔ اس کے علاوہ سڑکوں کی تعمیر، پانی کی فراہمی اور بجلی کے منصوبوں کو بھی ترجیح دی جائے گی۔کوئٹہ میں جاری اجلاس کے دوران متعلقہ حکا
کوئٹہ میں جاری اجلاس کے دوران متعلقہ حکام نے صوبے میں امن و امان کی صورتحال پر تفصیلی بریفنگ دی اور مختلف اضلاع میں ترقیاتی منصوبوں کی پیش رفت کا جائزہ لیا گیا۔ اس موقع پر کہا گیا کہ عوامی مسائل کے حل کے لیے تمام ادارے مل کر کام کریں گے اور شفافیت کو یقینی بنایا جائے گا۔ وزیراعلیٰ نے ہدایت کی کہ تعلیم، صحت اور روزگار کے شعبوں میں فوری اقدامات کیے جائیں تاکہ شہریوں کو ریلیف مل سکے۔ اجلاس میں بتایا گیا کہ صوبائی حکومت نے نئے مالی سال کے دوران متعدد منصوبوں کے لیے فنڈز مختص کیے ہیں جن پر جلد کام شروع کر دیا جائے گا۔ اس کے علاوہ سڑکوں کی تعمیر، پانی کی فراہمی اور بجلی کے منصوبوں کو بھی ترجیح دی جائے گی۔کوئٹہ میں جاری اجلاس کے دوران متعلقہ حکام نے صوبے میں امن و امان کی صورتحال پر تفصیلی بریفنگ دی اور مختلف اضلاع میں ترقیاتی منصوبوں کی پیش رفت کا جائزہ لیا گیا۔ اس موقع پر کہا گیا کہ عوامی مسائل کے حل کے لیے تمام ادارے مل کر کام کریں گے اور شفافیت کو یقینی بنایا جائے گا۔ وزیراعلیٰ نے ہدایت کی کہ تعلیم، صحت اور روزگار کے شعبوں میں فوری اقدامات کیے جائیں تاکہ شہریوں کو ریلیف مل سکے۔ اجلاس میں بتایا گیا کہ صوبائی حکومت نے نئے مالی سال کے دوران متعدد منصوبوں کے لیے فنڈز مختص کیے ہیں جن پر جلد کام شروع کر دیا جائے گا۔ اس کے علاوہ سڑکوں کی تعمیر، پانی کی فراہمی اور بجلی کے منصوبوں کو بھی ترجیح دی جائے گی۔کوئٹہ میں جاری اجلاس کے دوران متعلقہ حکام نے صوبے میں امن و امان کی صورتحال پر تفصیلی بریفنگ دی اور مختلف اضلاع میں ترقیاتی منصوبوں کی پیش رفت کا جائزہ لیا گیا۔ اس موقع پر کہا گیا کہ عوامی مسائل کے حل کے لیے تمام ادارے مل کر کام کریں گے اور شفافیت کو یقینی بنایا جائے گا۔ وزیراعلیٰ نے ہدایت کی کہ تعلیم، صحت اور روزگار کے شعبوں میں فوری اقدامات کیے جائیں تاکہ شہریوں کو ریلیف مل سکے۔ اجلاس میں بتایا گیا کہ صوبائی حکومت نے نئے مالی سال کے دوران متعدد منصوبوں کے لیے فنڈز مختص کیے ہیں جن پر جلد کام شروع کر دیا جائے گا۔ اس کے علاوہ سڑکوں کی تعمیر، پانی کی فراہمی اور بجلی کے منصوبوں کو بھی ترجیح دی جائے گی۔کوئٹہ میں جاری اجلاس کے دوران متعلقہ حکام نے صوبے میں امن و امان کی صورتحال پر تفصیلی بریفنگ دی اور مختلف اضلاع میں ترقیاتی منصوبوں کی پیش رفت کا جائزہ لیا گیا۔ اس موقع پر کہا گیا کہ عوامی مسائل کے حل کے لیے تمام ادارے مل کر کام کریں گے اور شفافیت کو یقینی بنایا جائے گا۔ وزیراعلیٰ نے ہدایت کی کہ تعلیم، صحت اور روزگار کے شعبوں میں فوری اقدامات کیے جائیں تاکہ شہریوں کو ریلیف مل سکے۔ اجلاس میں بتایا گیا کہ صوبائی حکومت نے نئے مالی سال کے دوران متعدد منصوبوں کے لیے فنڈز مختص کیے ہیں جن پر جلد کام شروع کر دیا جائے گا۔ اس کے علاوہ سڑکوں کی تعمیر، پانی کی فراہمی اور بجلی کے منصوبوں کو بھی ترجیح دی جائے گی۔کوئٹہ میں جاری اجلاس کے دوران متعلقہ حکام نے صوبے میں امن و امان کی صورتحال پر تفصیلی بریفنگ دی اور مختلف اضلاع میں ترقیاتی منصوبوں کی پیش رفت کا جائزہ لیا گیا۔ اس موقع پر کہا گیا کہ عوامی مسائل کے حل کے لیے تمام ادارے مل کر کام کریں گے اور شفافیت کو یقینی بنایا جائے گا۔ وزیراعلیٰ نے ہدایت کی کہ تعلیم، صحت اور روزگار کے شعبوں میں فوری اقدامات کیے جائیں تاکہ شہریوں کو ریلیف مل سکے۔ اجلاس میں بتایا گیا کہ صوبائی حکومت نے نئے مالی سال کے دوران متعدد منصوبوں کے لیے فنڈز مختص کیے ہیں جن پر جلد کام شروع کر دیا جائے گا۔ اس کے علاوہ سڑکوں کی تعمیر، پانی کی فراہمی اور بجلی کے منصوبوں کو بھی ترجیح دی جائے گی۔کوئٹہ میں جاری اجلاس کے دوران متعلقہ حکام نے صوبے میں امن و امان کی صورتحال پر تفصیلی بریفنگ دی اور مختلف اضلاع میں ترقیاتی منصوبوں کی پیش رفت کا جائزہ لیا گیا۔ اس موقع پر کہا گیا کہ عوامی مسائل کے حل کے لیے تمام ادارے مل کر کام کریں گے اور شفافیت کو یقینی بنایا جائے گا۔ وزیراعلیٰ نے ہدایت کی کہ تعلیم، صحت اور روزگار کے شعبوں میں فوری اقدامات کیے جائیں تاکہ شہریوں کو ریلیف مل سکے۔ اجلاس میں بتایا گیا کہ صوبائی حکومت نے نئے مالی سال کے دوران متعدد منصوبوں کے لیے فنڈز مختص کیے ہیں جن پر جلد کام شروع کر دیا جائے گا۔ اس کے علاوہ سڑکوں کی تعمیر، پانی کی فراہمی اور بجلی کے منصوبوں کو بھی ترجیح دی جائے گی۔کوئٹہ میں جاری اجلاس کے دوران متعلقہ حکام نے صوبے میں امن و امان کی صورتحال پر تفصیلی بریفنگ دی اور مختلف اضلاع میں ترقیاتی منصوبوں کی پیش رفت کا جائزہ لیا گیا۔ اس موقع پر کہا گیا کہ عوامی مسائل کے حل کے لیے تمام ادارے مل کر کام کریں گے اور شفافیت کو یقینی بنایا جائے گا۔ وزیراعلیٰ نے ہدایت کی کہ تعلیم، صحت اور روزگار کے شعبوں میں فوری اقدامات کیے جائیں تاکہ شہریوں کو ریلیف مل سکے۔ اجلاس میں بتایا گیا کہ صوبائی حکومت نے نئے مالی سال کے دوران متعدد منصوبوں کے لیے فنڈز مختص کیے ہیں جن پر جلد کام شروع کر دیا جائے گا۔ اس کے علاوہ سڑکوں کی تعمیر، پانی کی فراہمی اور بجلی کے منصوبوں کو بھی ترجیح دی جائے گی۔کوئٹہ میں جاری اجلاس کے دوران متعلقہ حکام نے صوبے میں امن و امان کی صورتحال پر تفصیلی بریفنگ دی اور مختلف اضلاع میں ترقیاتی منصوبوں کی پیش رفت کا جائزہ لیا گیا۔ اس موقع پر کہا گیا کہ عوامی مسائل کے حل کے لیے تمام ادارے مل کر کام کریں گے اور شفافیت کو یقینی بنایا جائے گا۔ وزیراعلیٰ نے ہدایت کی کہ تعلیم، صحت اور روزگار
یوکرینی ڈرونز کے روسی علاقوں پر بڑے حملے
1 5 ڈرون تباہ، تین بچے ہلاک، متعدد افراد زخمی
کوئٹہ میں جاری اجلاس کے دوران متعلقہ حکام نے صوبے میں امن و امان کی صورتحال پر تفصیلی بریفنگ دی اور مختلف اضلاع میں ترقیاتی منصوبوں کی پیش رفت کا جائزہ لیا گیا۔ اس موقع پر کہا گیا کہ عوامی مسائل کے حل کے لیے تمام ادارے مل کر کام کریں گے اور شفافیت کو یقینی بنایا جائے گا۔ وزیراعلیٰ نے ہدایت کی کہ تعلیم، صحت اور روزگار کے شعبوں میں فوری اقدامات کیے جائیں تاکہ شہریوں کو ریلیف مل سکے۔ اجلاس میں بتایا گیا کہ صوبائی حکومت نے نئے مالی سال کے دوران متعدد منصوبوں کے لیے فنڈز مختص کیے ہیں جن پر جلد کام شروع کر دیا جائے گا۔ اس کے علاوہ سڑکوں کی تعمیر، پانی کی فراہمی اور بجلی کے منصوبوں کو بھی ترجیح دی جائے گی۔کوئٹہ میں جاری اجلاس کے دوران متعلقہ حکام نے صوبے میں امن و امان کی صورتحال پر تفصیلی بریفنگ دی اور مختلف اضلاع میں ترقیاتی منصوبوں کی پیش رفت کا جائزہ لیا گیا۔ اس موقع پر کہا گیا کہ عوامی مسائل کے حل کے لیے تمام ادارے مل کر کام کریں گے اور شفافیت کو یقینی بنایا جائے گا۔ وزیراعلیٰ نے ہدایت کی کہ تعلیم، صحت اور روزگار کے شعبوں میں فوری اقدامات کیے جائیں تاکہ شہریوں کو ریلیف مل سکے۔ اجلاس میں بتایا گیا کہ صوبائی حکومت نے نئے مالی سال کے دوران متعدد منصوبوں کے لیے فنڈز مختص کیے ہیں جن پر جلد کام شروع کر دیا جائے گا۔ اس کے علاوہ سڑکوں کی تعمیر، پانی کی فراہمی اور بجلی کے منصوبوں کو بھی ترجیح دی جائے گی۔کوئٹہ میں جاری اجلاس کے دوران متعلقہ حکام نے صوبے میں امن و امان کی صورتحال پر ت
عمران خان کے علاج کی اجازت، بعد ازاں سماعت ملتوی
کوئٹہ میں جاری اجلاس کے دوران متعلقہ حکام نے صوبے میں امن و امان کی صورتحال پر تفصیلی بریفنگ دی اور مختلف اضلاع میں ترقیاتی منصوبوں کی پیش رفت کا جائزہ لیا گیا۔ اس موقع پر کہا گیا کہ عوامی مسائل کے حل کے لیے تمام ادارے مل کر کام کریں گے اور شفافیت کو یقینی بنایا جائے گا۔ وزیراعلیٰ نے ہدایت کی کہ تعلیم، صحت اور روزگار کے شعبوں میں فوری اقدامات کیے جائیں تاکہ شہریوں کو ریلیف مل سکے۔ اجلاس میں بتایا گیا کہ صوبائی حکومت نے نئے مالی سال کے دوران متعدد منصوبوں کے لیے فنڈز مختص کیے ہیں جن پر جلد کام شروع کر دیا جائے گا۔ اس کے علاوہ سڑکوں کی تعمیر، پانی کی فراہمی اور بجلی کے منصوبوں کو بھی ترجیح دی جائے گی۔کو
آئی جی آف تعلیم فنڈز ملنے کا پاکستان سے مطالبہ
کوئٹہ میں جاری اجلاس کے دوران متعلقہ حکام نے صوبے میں امن و امان کی صورتحال پر تفصیلی بریفنگ دی اور مختلف اضلاع میں ترقیاتی منصوبوں کی پیش رفت کا جائزہ لیا گیا۔ اس موقع پر کہا گیا کہ عوامی مسائل کے حل کے لیے تمام ادارے مل کر کام کریں گے اور شفافیت کو یقینی بنایا جائے گا۔ وزیراعلیٰ نے ہدایت کی کہ تعلیم، صحت اور روزگار کے شعبوں میں فوری اقدامات کیے جائیں تاکہ شہریوں کو ریلیف مل سکے۔ اجلاس میں بتایا گیا کہ صوبائی حکومت نے نئے مالی سال کے دوران متعدد منصوبوں کے لیے فنڈز مختص کیے ہیں جن پر جلد کام شروع کر دیا جائے گا۔ اس کے علاوہ س
وفاق اور پنجاب میں اہم امور پر اتفاق
کوئٹہ میں جاری اجلاس کے دوران متعلقہ حکام نے صوبے میں امن و امان کی صورتحال پر تفصیلی بریفنگ دی اور مختلف اضلاع میں ترقیاتی منصوبوں کی پیش رفت کا جائزہ لیا گیا۔ اس موقع پر کہا گیا کہ عوامی مسائل کے حل کے لیے تمام ادارے مل کر کام کریں گے اور شفافیت کو یقینی بنایا جائے گا۔ وزیراعلیٰ نے ہدایت کی کہ تعلیم، صحت اور روزگار کے شعبوں میں فوری اقدامات کیے جائیں تاکہ شہریوں کو ریلیف مل سکے۔ اجلاس میں بتایا گیا کہ صوبائی حکومت نے نئے مالی سال کے دوران متعدد منصوبوں کے لیے فنڈز مختص کیے ہیں جن پر جلد کام شروع کر دیا جائے گا۔ اس کے علاوہ سڑکوں کی تعمیر، پانی کی فراہمی اور بجلی کے منصوبوں کو بھی ترجیح دی جائے گی۔کوئٹہ میں جاری اجلاس کے دوران متعلقہ حکام نے صوبے میں امن و امان کی صورتحال پر تفصیلی بریفنگ دی اور مختلف اضلاع میں ترقیاتی منصوبوں کی پیش رفت کا جائزہ لیا گیا۔ اس موقع پر کہا گیا کہ عوامی مسائل کے حل کے لیے تمام ادارے مل کر کام کریں گے اور شفافیت کو یقینی بنایا جائے گا۔ وزیراعلیٰ نے ہدایت کی کہ تعلیم، صحت اور روزگار کے شعبوں میں فوری اقدامات کیے جائیں تاکہ شہریوں کو ریلیف مل سکے۔ اجلاس میں بتایا گیا کہ صوبائی حکومت نے نئے مالی سال کے دوران متعدد منصوبوں کے لیے فنڈز مختص کیے ہیں جن پر جلد کام شروع کر دیا جائے گا۔ اس کے علاوہ سڑکوں کی تعمیر، پانی کی فراہمی اور بجلی کے منصوبوں کو بھی ترجیح دی جائے گی۔کوئٹہ میں جاری اجلاس کے دوران متعلقہ حکام نے صوبے میں امن و امان کی صورتحال پر تفصیلی بریفنگ دی اور مختلف اضلاع میں ترقیاتی منصوبوں کی پیش رفت کا جائزہ لیا گیا۔ اس موقع پر کہا گیا کہ عوامی مسائل کے حل کے لیے تمام ادارے مل کر کام کری
ایف بی آر ہیڈ کوارٹرز میں ریلیف اسکیم پر آگاہی اجلاس
بلال اظہر کیانی کا چھوٹے تاجروں کے لیے مکمل حکومتی تعاون کا اعادہ
کوئٹہ میں جاری اجلاس کے دوران متعلقہ حکام نے صوبے میں امن و امان کی صورتحال پر تفصیلی بریفنگ دی اور مختلف اضلاع میں ترقیاتی منصوبوں کی پیش رفت کا جائزہ لیا گیا۔ اس موقع پر کہا گیا کہ عوامی مسائل کے حل کے لیے تمام ادارے مل کر کام کریں گے اور شفافیت کو یقینی بنایا جائے گا۔ وزیراعلیٰ نے ہدایت کی کہ تعلیم، صحت اور روزگار کے شعبوں میں فوری اقدامات کیے جائیں تاکہ شہریوں کو ریلیف مل سکے۔ اجلاس میں بتایا گیا کہ صوبائی حکومت نے نئے مالی سال کے دوران متعدد منصوبوں کے لیے فنڈز مختص کیے ہیں جن پر جلد کام شروع کر دیا جائے گا۔ اس کے علاوہ سڑکوں کی تعمیر، پانی کی فراہمی اور بجلی کے منصوبوں کو بھی ترجیح دی جائے گی۔کوئٹہ میں جاری اجلاس کے دوران متعلقہ حکام نے صوبے میں امن و امان کی صورتحال پر تفصیلی بریفنگ دی اور مختلف اضلاع میں ترقیاتی منصوبوں کی پیش رفت کا جائزہ لیا گیا۔ اس موقع پر کہا گیا کہ عوامی مسائل کے حل کے لیے تمام ادارے مل کر کام ک
